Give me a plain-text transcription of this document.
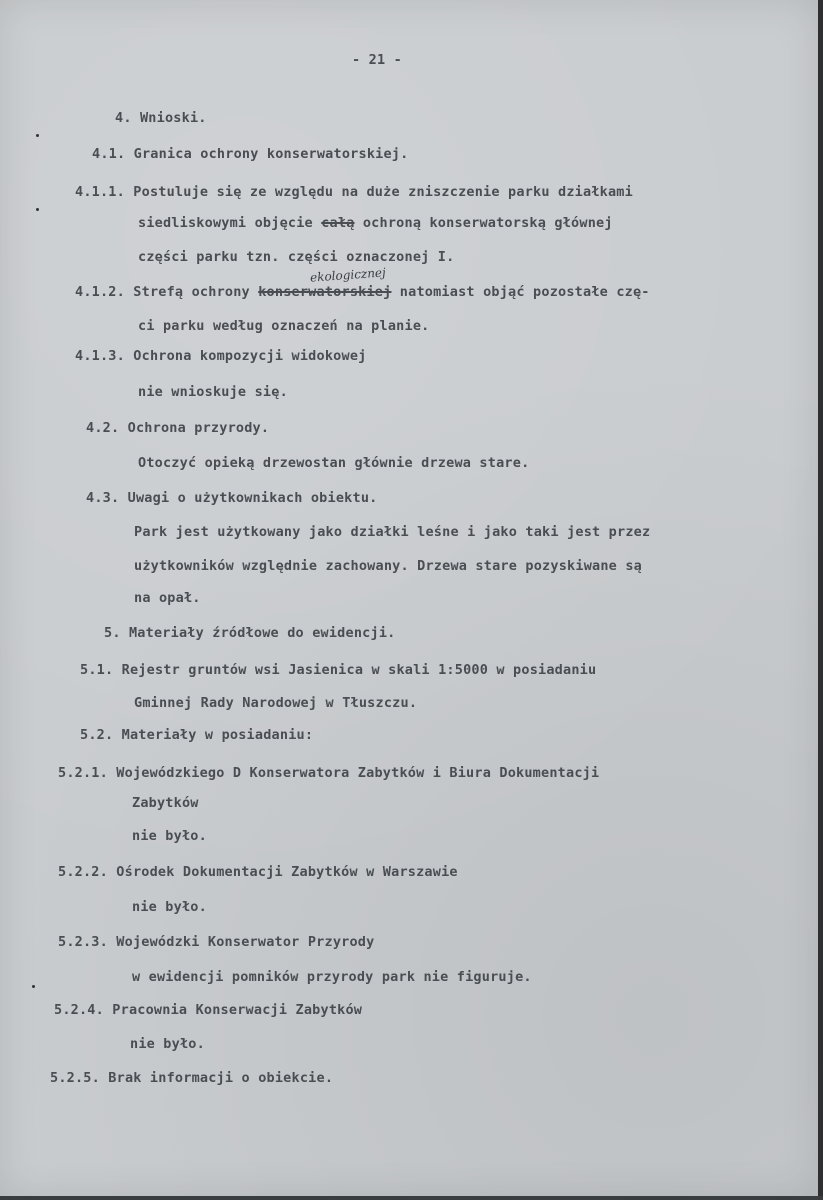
- 21 -
4. Wnioski.
4.1. Granica ochrony konserwatorskiej.
4.1.1. Postuluje się ze względu na duże zniszczenie parku działkami
siedliskowymi objęcie całą ochroną konserwatorską głównej
części parku tzn. części oznaczonej I.
ekologicznej
4.1.2. Strefą ochrony konserwatorskiej natomiast objąć pozostałe czę-
ci parku według oznaczeń na planie.
4.1.3. Ochrona kompozycji widokowej
nie wnioskuje się.
4.2. Ochrona przyrody.
Otoczyć opieką drzewostan głównie drzewa stare.
4.3. Uwagi o użytkownikach obiektu.
Park jest użytkowany jako działki leśne i jako taki jest przez
użytkowników względnie zachowany. Drzewa stare pozyskiwane są
na opał.
5. Materiały źródłowe do ewidencji.
5.1. Rejestr gruntów wsi Jasienica w skali 1:5000 w posiadaniu
Gminnej Rady Narodowej w Tłuszczu.
5.2. Materiały w posiadaniu:
5.2.1. Wojewódzkiego D Konserwatora Zabytków i Biura Dokumentacji
Zabytków
nie było.
5.2.2. Ośrodek Dokumentacji Zabytków w Warszawie
nie było.
5.2.3. Wojewódzki Konserwator Przyrody
w ewidencji pomników przyrody park nie figuruje.
5.2.4. Pracownia Konserwacji Zabytków
nie było.
5.2.5. Brak informacji o obiekcie.
